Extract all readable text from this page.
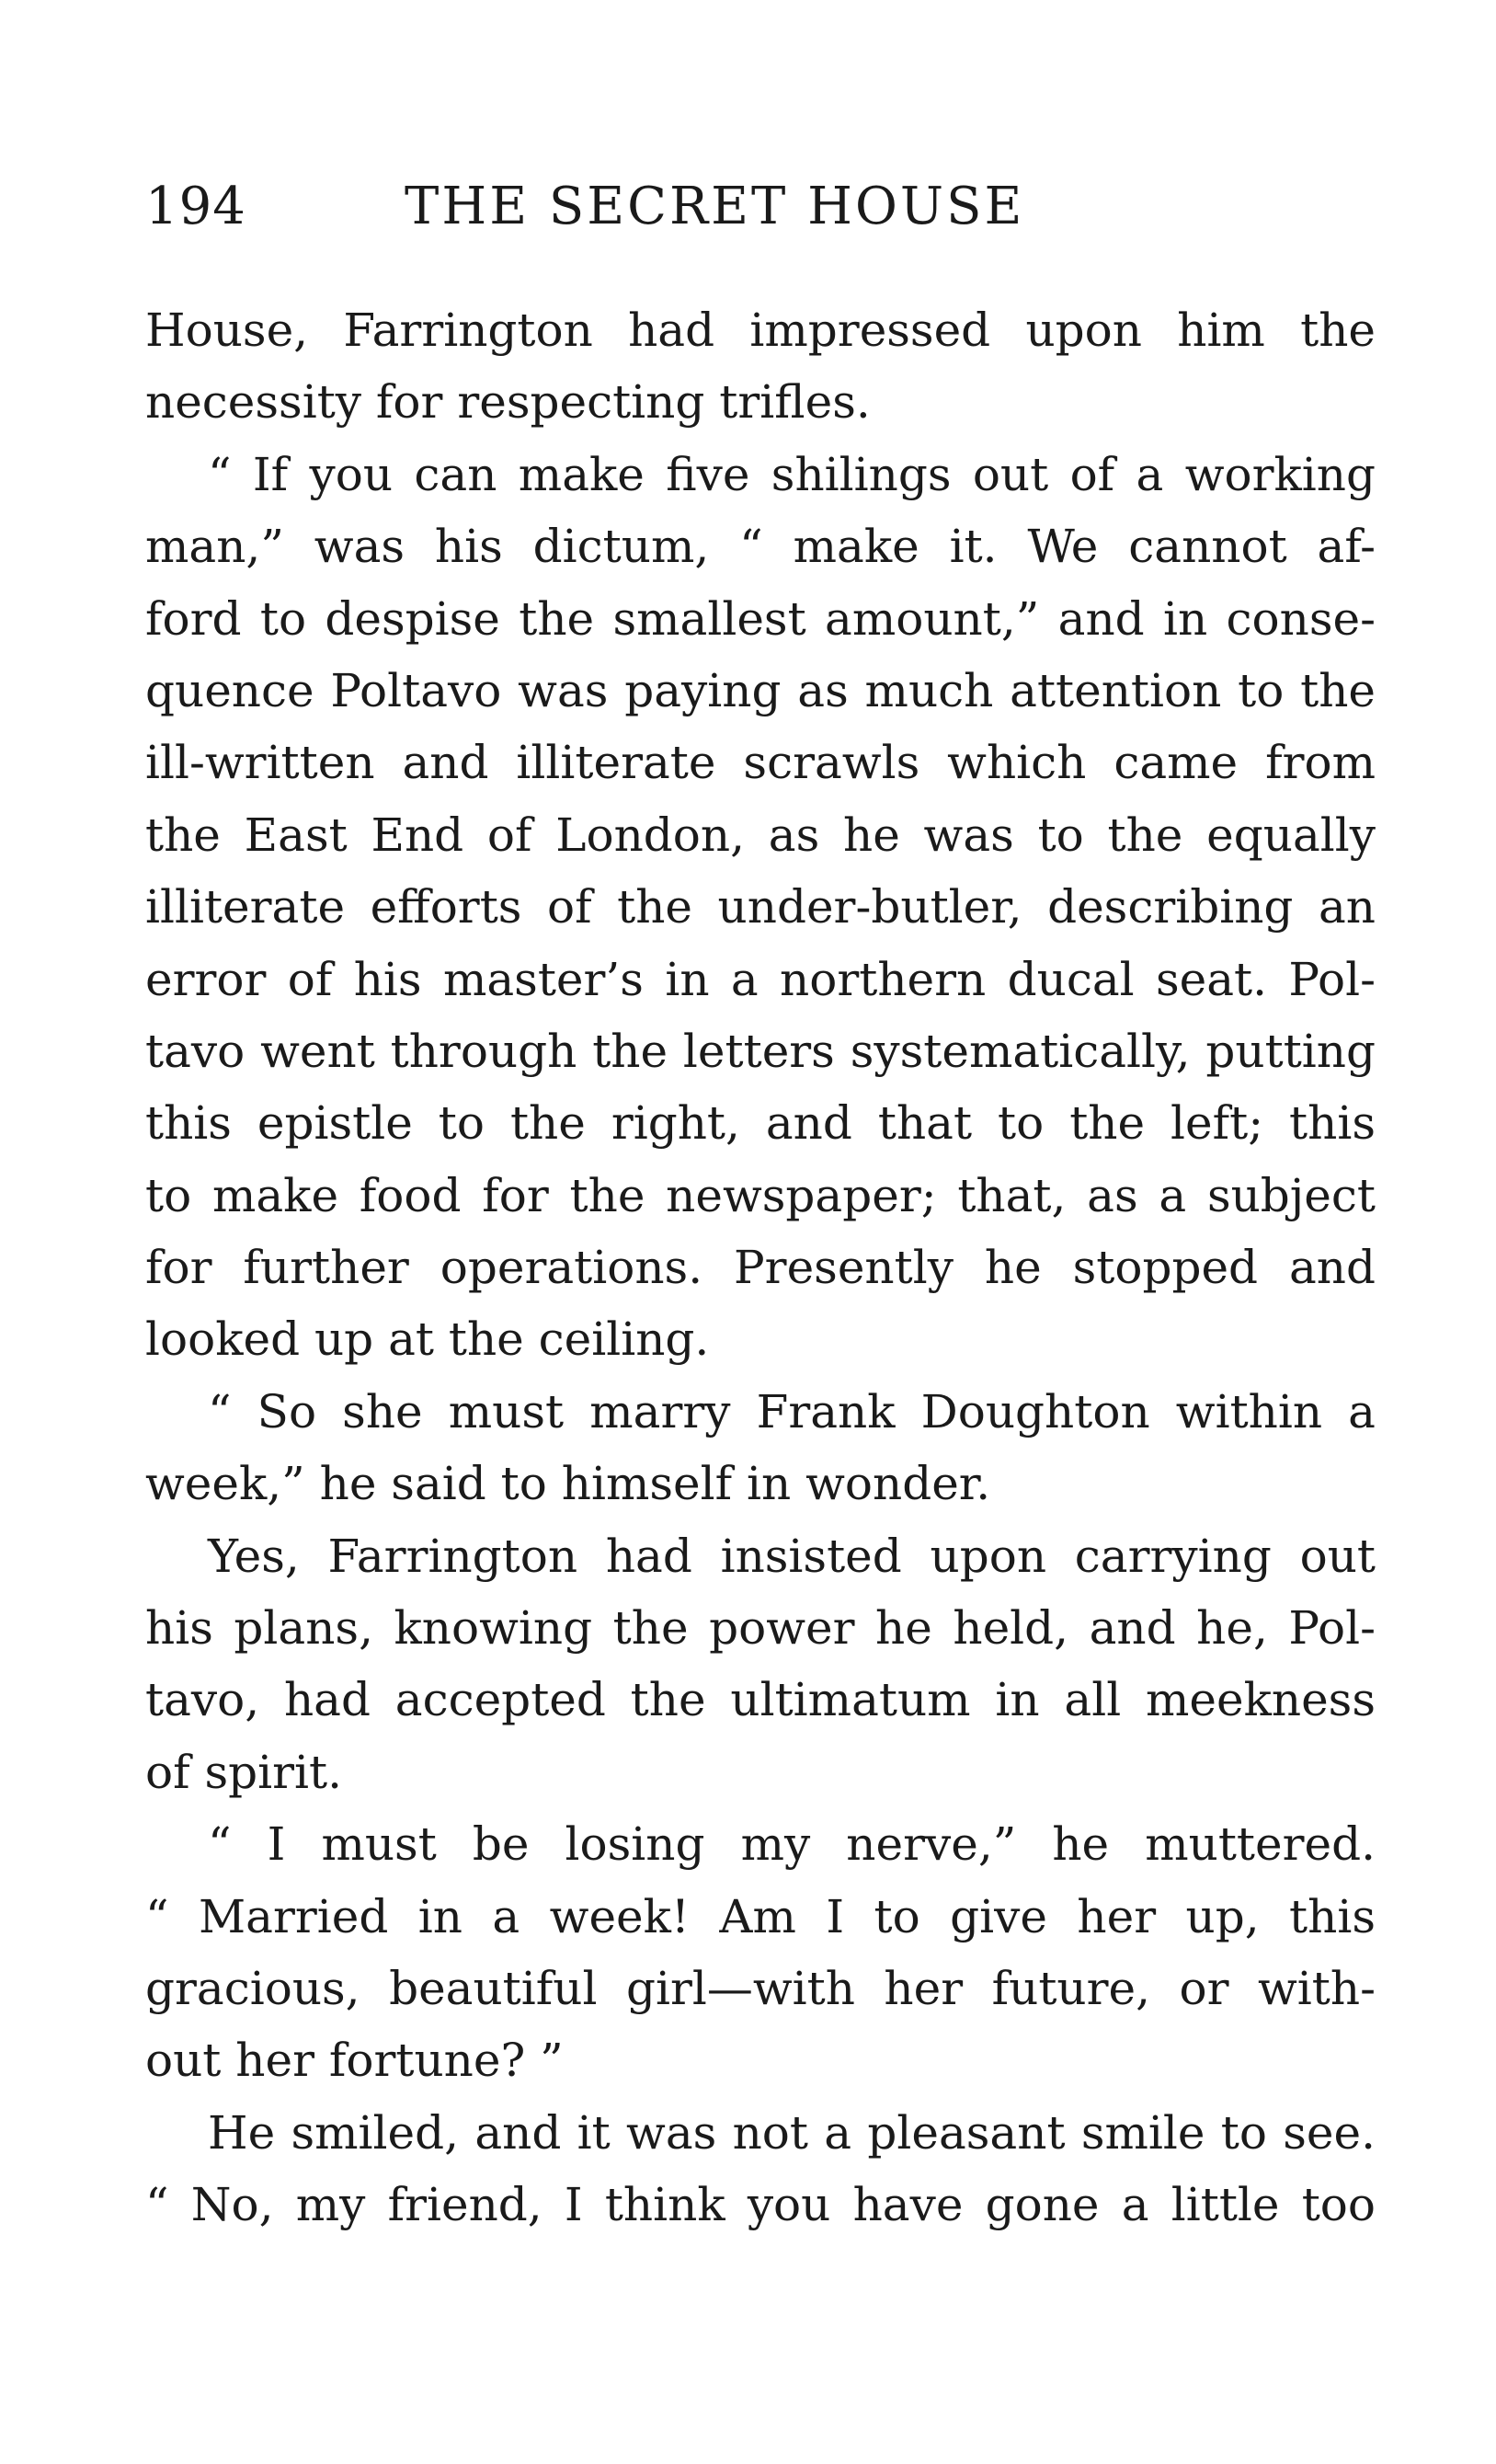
194	THE SECRET HOUSE
House, Farrington had impressed upon him the
necessity for respecting trifles.
“ If you can make five shilings out of a working
man,” was his dictum, “ make it. We cannot af-
ford to despise the smallest amount,” and in conse-
quence Poltavo was paying as much attention to the
ill-written and illiterate scrawls which came from
the East End of London, as he was to the equally
illiterate efforts of the under-butler, describing an
error of his master’s in a northern ducal seat. Pol-
tavo went through the letters systematically, putting
this epistle to the right, and that to the left; this
to make food for the newspaper; that, as a subject
for further operations. Presently he stopped and
looked up at the ceiling.
“ So she must marry Frank Doughton within a
week,” he said to himself in wonder.
Yes, Farrington had insisted upon carrying out
his plans, knowing the power he held, and he, Pol-
tavo, had accepted the ultimatum in all meekness
of spirit.
“ I must be losing my nerve,” he muttered.
“ Married in a week! Am I to give her up, this
gracious, beautiful girl—with her future, or with-
out her fortune? ”
He smiled, and it was not a pleasant smile to see.
“ No, my friend, I think you have gone a little too
